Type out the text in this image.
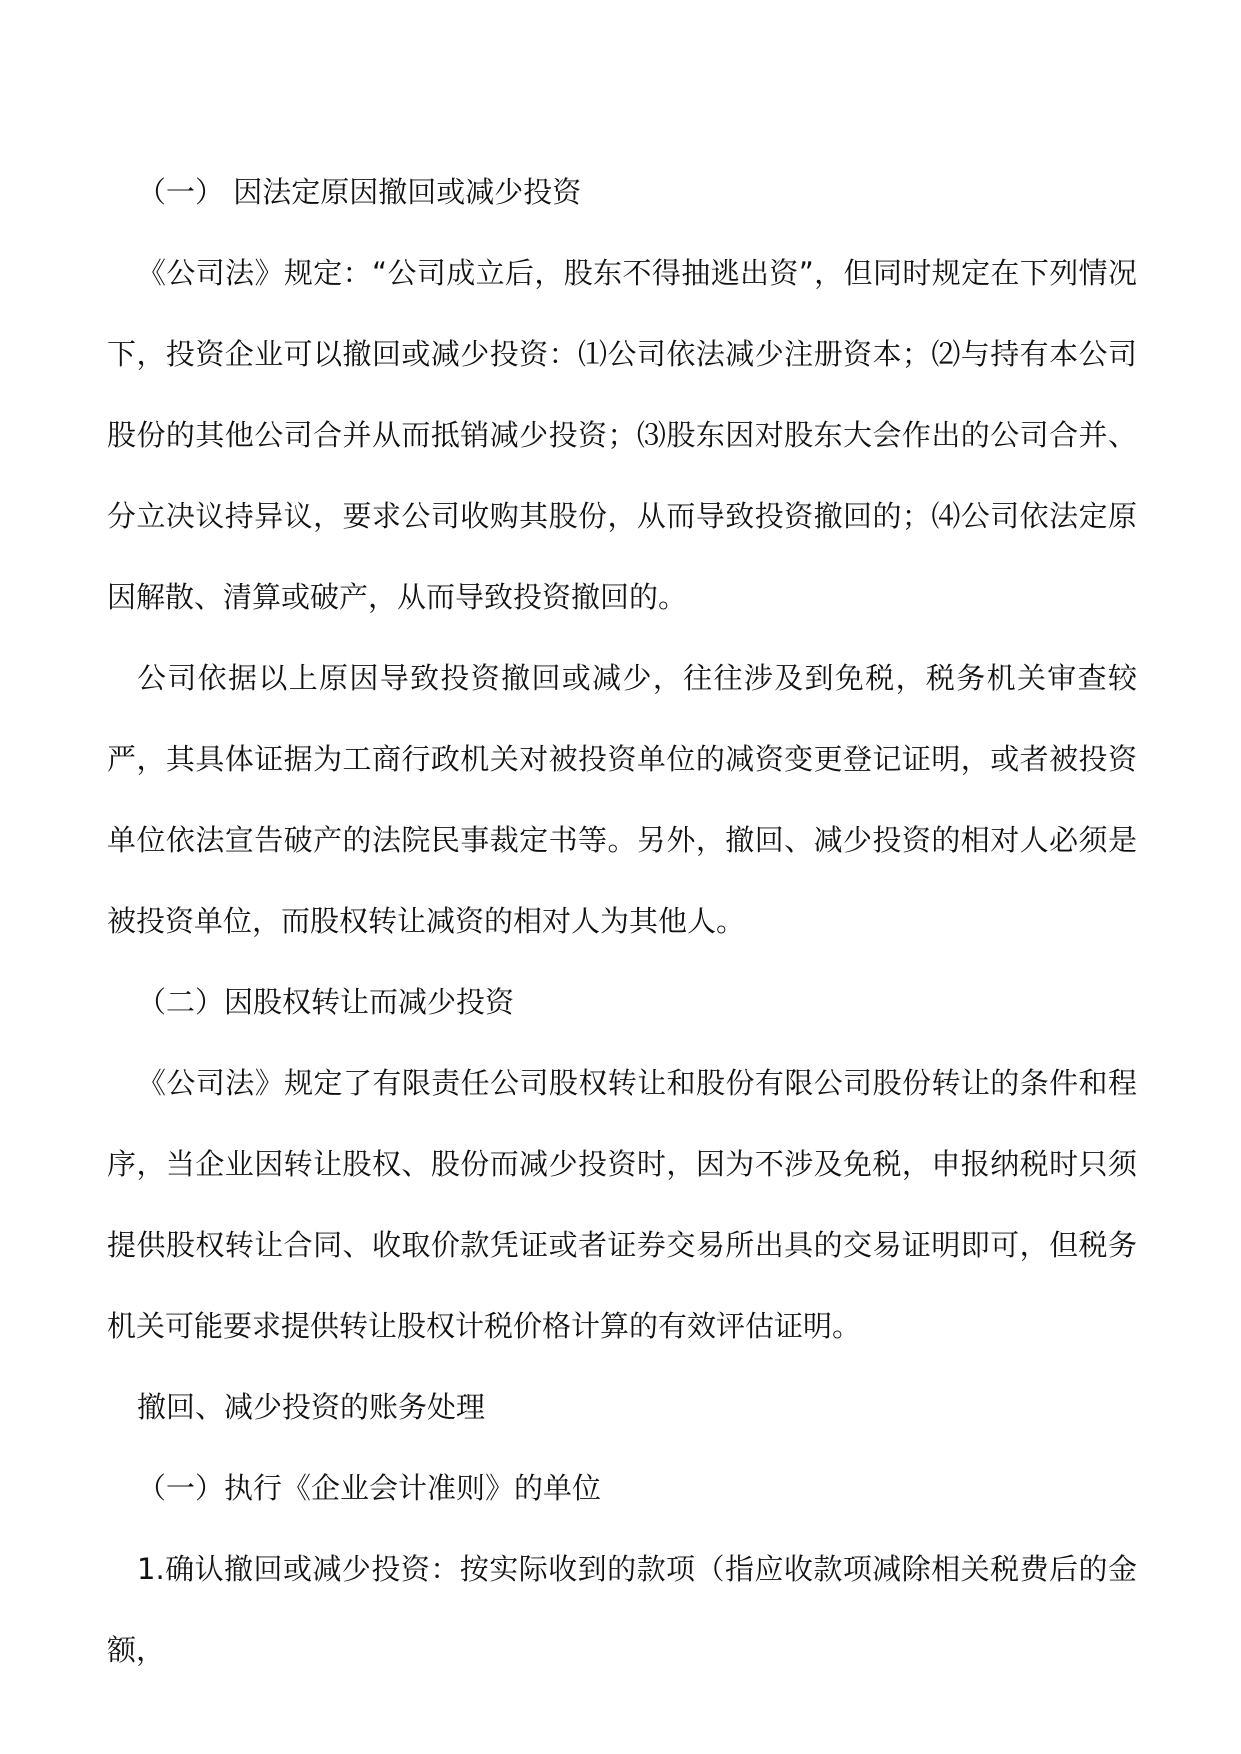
（一） 因法定原因撤回或减少投资

《公司法》规定：“公司成立后，股东不得抽逃出资”，但同时规定在下列情况下，投资企业可以撤回或减少投资：⑴公司依法减少注册资本；⑵与持有本公司股份的其他公司合并从而抵销减少投资；⑶股东因对股东大会作出的公司合并、分立决议持异议，要求公司收购其股份，从而导致投资撤回的；⑷公司依法定原因解散、清算或破产，从而导致投资撤回的。

公司依据以上原因导致投资撤回或减少，往往涉及到免税，税务机关审查较严，其具体证据为工商行政机关对被投资单位的减资变更登记证明，或者被投资单位依法宣告破产的法院民事裁定书等。另外，撤回、减少投资的相对人必须是被投资单位，而股权转让减资的相对人为其他人。

（二）因股权转让而减少投资

《公司法》规定了有限责任公司股权转让和股份有限公司股份转让的条件和程序，当企业因转让股权、股份而减少投资时，因为不涉及免税，申报纳税时只须提供股权转让合同、收取价款凭证或者证券交易所出具的交易证明即可，但税务机关可能要求提供转让股权计税价格计算的有效评估证明。

撤回、减少投资的账务处理

（一）执行《企业会计准则》的单位

1.确认撤回或减少投资：按实际收到的款项（指应收款项减除相关税费后的金额，
